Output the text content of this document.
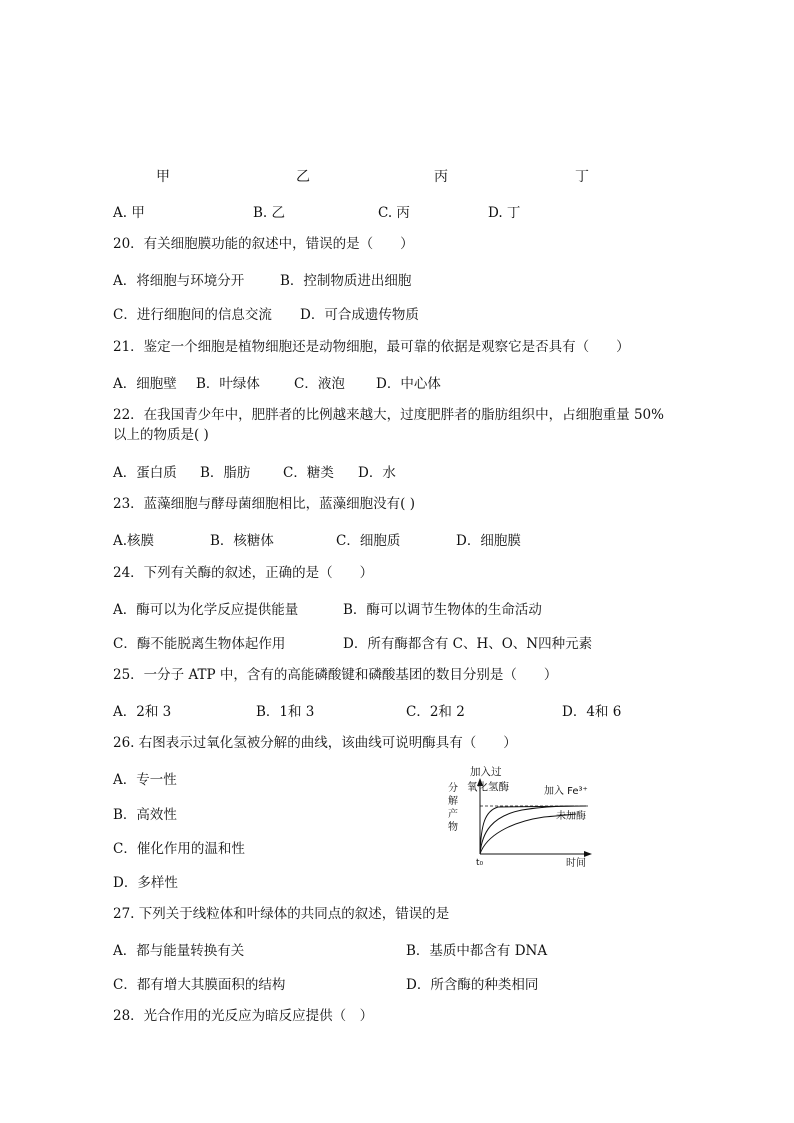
甲	乙	丙	丁
A. 甲	B. 乙	C. 丙	D. 丁
20．有关细胞膜功能的叙述中，错误的是（　　）
A．将细胞与环境分开	B．控制物质进出细胞
C．进行细胞间的信息交流 D．可合成遗传物质
21．鉴定一个细胞是植物细胞还是动物细胞，最可靠的依据是观察它是否具有（　　）
A．细胞壁 B．叶绿体	C．液泡 D．中心体
22．在我国青少年中，肥胖者的比例越来越大，过度肥胖者的脂肪组织中，占细胞重量 50%
以上的物质是( )
A．蛋白质 B．脂肪 C．糖类 D．水
23．蓝藻细胞与酵母菌细胞相比，蓝藻细胞没有( )
A.核膜	B．核糖体	C．细胞质	D．细胞膜
24．下列有关酶的叙述，正确的是（　　）
A．酶可以为化学反应提供能量	B．酶可以调节生物体的生命活动
C．酶不能脱离生物体起作用	D．所有酶都含有 C、H、O、N四种元素
25．一分子 ATP 中，含有的高能磷酸键和磷酸基团的数目分别是（　　）
A．2和 3	B．1和 3	C．2和 2	D．4和 6
26. 右图表示过氧化氢被分解的曲线，该曲线可说明酶具有（　　）
A．专一性
B．高效性
C．催化作用的温和性
D．多样性
加入过
氧化氢酶	加入 Fe³⁺
未加酶
分
解
产
物
t₀	时间
27. 下列关于线粒体和叶绿体的共同点的叙述，错误的是
A．都与能量转换有关	B．基质中都含有 DNA
C．都有增大其膜面积的结构	D．所含酶的种类相同
28．光合作用的光反应为暗反应提供（　）
